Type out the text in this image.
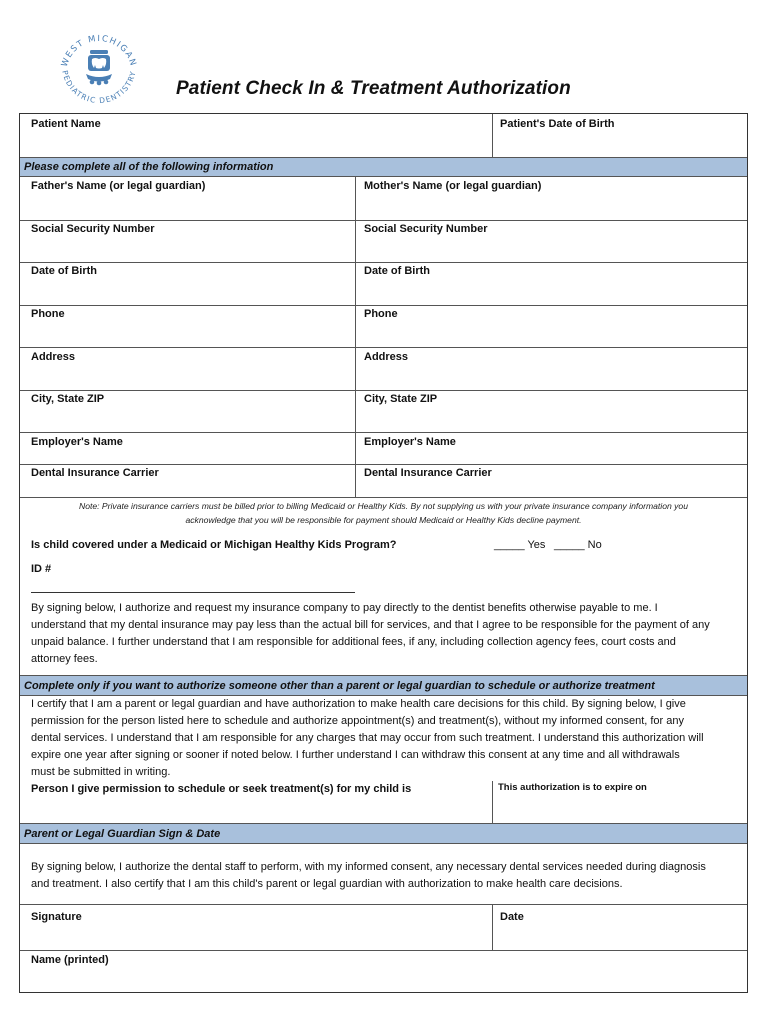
WEST MICHIGAN
PEDIATRIC DENTISTRY
Patient Check In & Treatment Authorization
Patient Name	Patient's Date of Birth
Please complete all of the following information
Father's Name (or legal guardian)	Mother's Name (or legal guardian)
Social Security Number	Social Security Number
Date of Birth	Date of Birth
Phone	Phone
Address	Address
City, State ZIP	City, State ZIP
Employer's Name	Employer's Name
Dental Insurance Carrier	Dental Insurance Carrier
Note: Private insurance carriers must be billed prior to billing Medicaid or Healthy Kids. By not supplying us with your private insurance company information you
acknowledge that you will be responsible for payment should Medicaid or Healthy Kids decline payment.
Is child covered under a Medicaid or Michigan Healthy Kids Program?	_____ Yes _____ No
ID #
By signing below, I authorize and request my insurance company to pay directly to the dentist benefits otherwise payable to me. I
understand that my dental insurance may pay less than the actual bill for services, and that I agree to be responsible for the payment of any
unpaid balance. I further understand that I am responsible for additional fees, if any, including collection agency fees, court costs and
attorney fees.
Complete only if you want to authorize someone other than a parent or legal guardian to schedule or authorize treatment
I certify that I am a parent or legal guardian and have authorization to make health care decisions for this child. By signing below, I give
permission for the person listed here to schedule and authorize appointment(s) and treatment(s), without my informed consent, for any
dental services. I understand that I am responsible for any charges that may occur from such treatment. I understand this authorization will
expire one year after signing or sooner if noted below. I further understand I can withdraw this consent at any time and all withdrawals
must be submitted in writing.
Person I give permission to schedule or seek treatment(s) for my child is	This authorization is to expire on
Parent or Legal Guardian Sign & Date
By signing below, I authorize the dental staff to perform, with my informed consent, any necessary dental services needed during diagnosis
and treatment. I also certify that I am this child's parent or legal guardian with authorization to make health care decisions.
Signature	Date
Name (printed)
